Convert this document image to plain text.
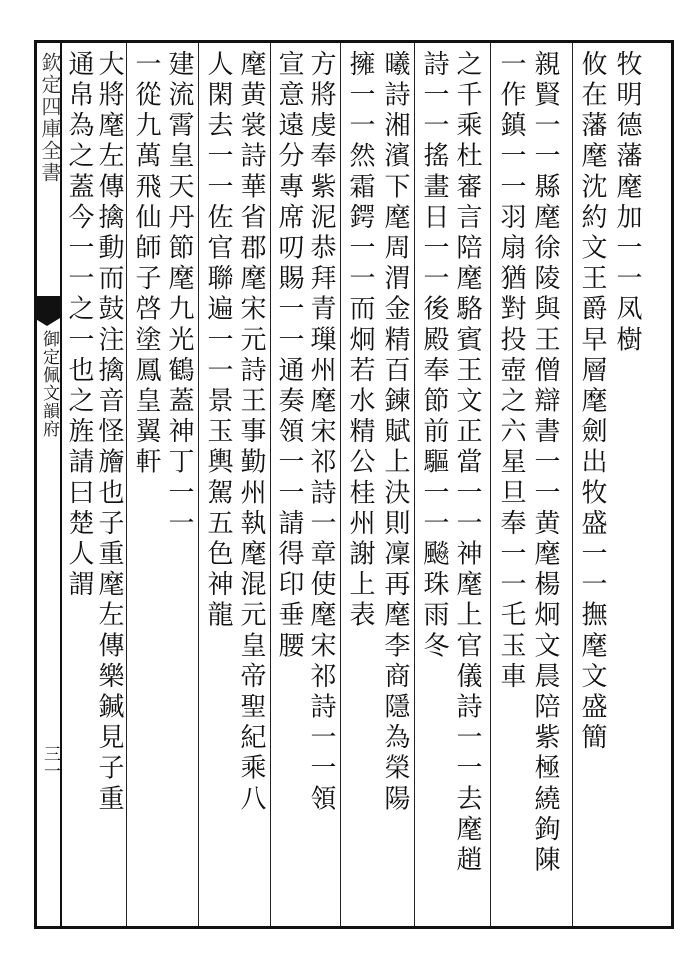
欽定四庫全書
御定佩文韻府
三一
牧明德藩麾加一一凤樹
攸在藩麾沈約文王爵早層麾劍出牧盛一一撫麾文盛簡
親賢一一縣麾徐陵與王僧辯書一一黄麾楊炯文晨陪紫極繞鉤陳
一作鎮一一羽扇猶對投壺之六星旦奉一一乇玉車
之千乘杜審言陪麾駱賓王文正當一一神麾上官儀詩一一去麾趙
詩一一搖畫日一一後殿奉節前驅一一飈珠雨冬
曦詩湘濱下麾周渭金精百鍊賦上決則凜再麾李商隱為榮陽
擁一一然霜鍔一一而炯若水精公桂州謝上表
方將虔奉紫泥恭拜青璅州麾宋祁詩一章使麾宋祁詩一一領
宣意遠分專席叨賜一一通奏領一一請得印垂腰
麾黄裳詩華省郡麾宋元詩王事勤州執麾混元皇帝聖紀乘八
人閑去一一佐官聯遍一一景玉輿駕五色神龍
建流霄皇天丹節麾九光鶴蓋神丁一一
一從九萬飛仙師子啓塗鳳皇翼軒
大將麾左傳擒動而鼓注擒音怪旝也子重麾左傳樂鍼見子重
通帛為之蓋今一一之一也之旌請曰楚人謂
